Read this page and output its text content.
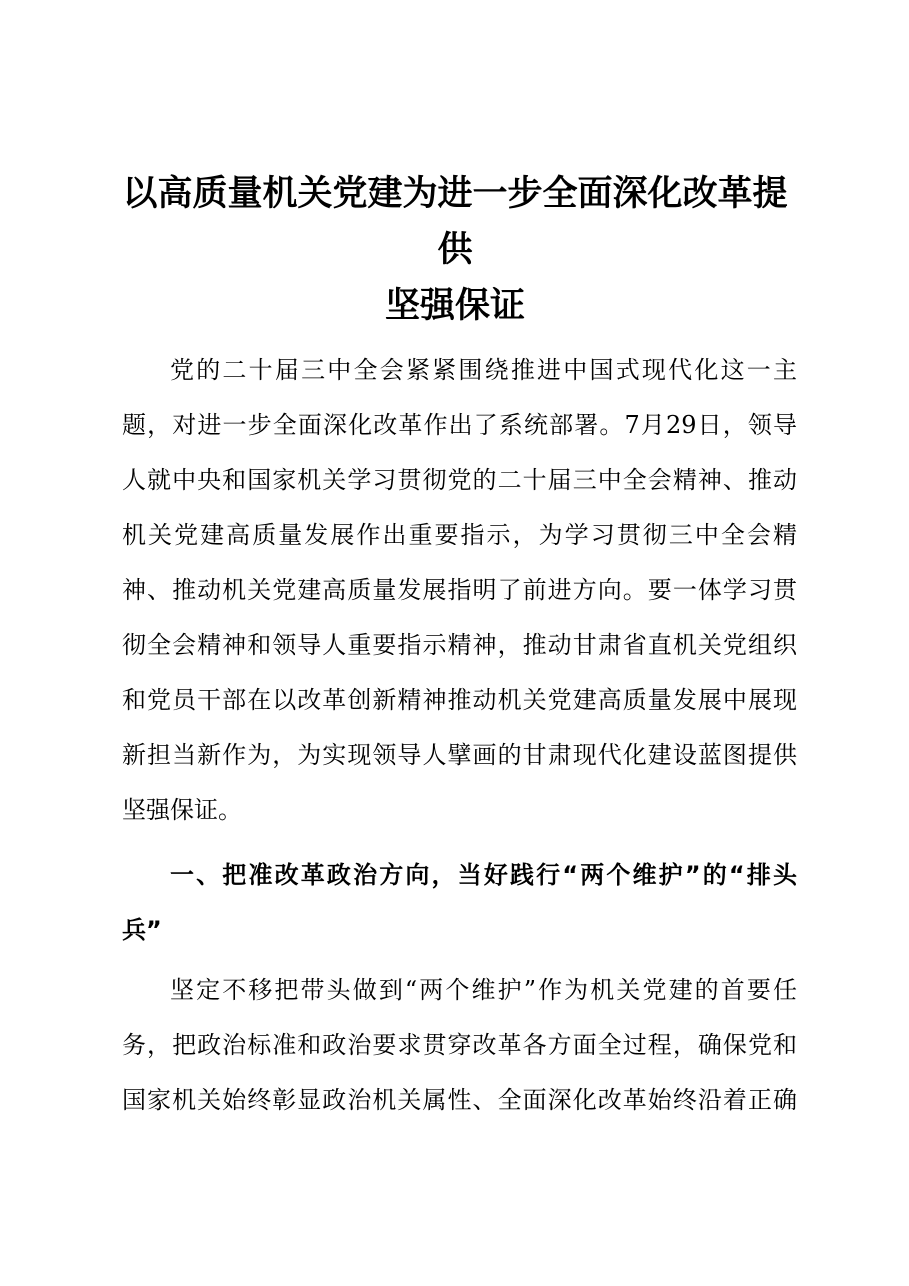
以高质量机关党建为进一步全面深化改革提供
坚强保证
党的二十届三中全会紧紧围绕推进中国式现代化这一主
题，对进一步全面深化改革作出了系统部署。7月29日，领导
人就中央和国家机关学习贯彻党的二十届三中全会精神、推动
机关党建高质量发展作出重要指示，为学习贯彻三中全会精
神、推动机关党建高质量发展指明了前进方向。要一体学习贯
彻全会精神和领导人重要指示精神，推动甘肃省直机关党组织
和党员干部在以改革创新精神推动机关党建高质量发展中展现
新担当新作为，为实现领导人擘画的甘肃现代化建设蓝图提供
坚强保证。
一、把准改革政治方向，当好践行“两个维护”的“排头
兵”
坚定不移把带头做到“两个维护”作为机关党建的首要任
务，把政治标准和政治要求贯穿改革各方面全过程，确保党和
国家机关始终彰显政治机关属性、全面深化改革始终沿着正确
